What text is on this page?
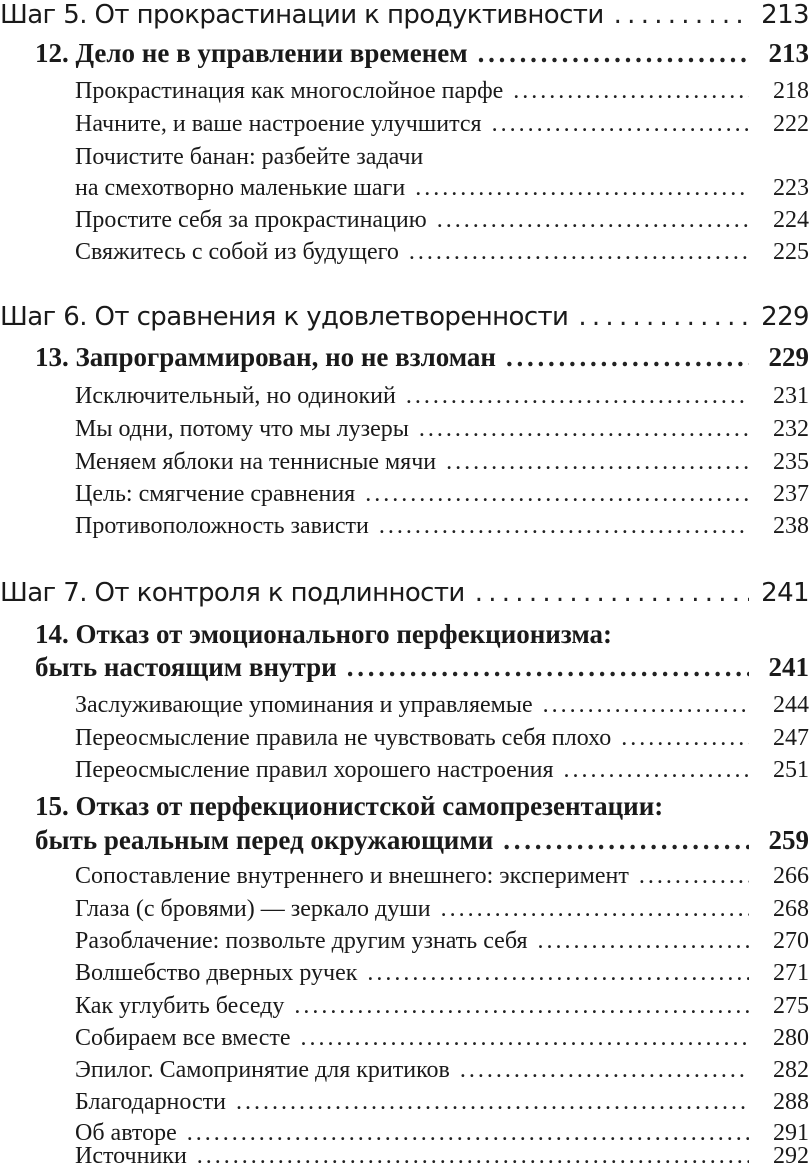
Шаг 5. От прокрастинации к продуктивности . . .	213
12. Дело не в управлении временем . . .	213
Прокрастинация как многослойное парфе . . .	218
Начните, и ваше настроение улучшится . . .	222
Почистите банан: разбейте задачи
на смехотворно маленькие шаги . . .	223
Простите себя за прокрастинацию . . .	224
Свяжитесь с собой из будущего . . .	225
Шаг 6. От сравнения к удовлетворенности . . .	229
13. Запрограммирован, но не взломан . . .	229
Исключительный, но одинокий . . .	231
Мы одни, потому что мы лузеры . . .	232
Меняем яблоки на теннисные мячи . . .	235
Цель: смягчение сравнения . . .	237
Противоположность зависти . . .	238
Шаг 7. От контроля к подлинности . . .	241
14. Отказ от эмоционального перфекционизма:
быть настоящим внутри . . .	241
Заслуживающие упоминания и управляемые . . .	244
Переосмысление правила не чувствовать себя плохо . . .	247
Переосмысление правил хорошего настроения . . .	251
15. Отказ от перфекционистской самопрезентации:
быть реальным перед окружающими . . .	259
Сопоставление внутреннего и внешнего: эксперимент . . .	266
Глаза (с бровями) — зеркало души . . .	268
Разоблачение: позвольте другим узнать себя . . .	270
Волшебство дверных ручек . . .	271
Как углубить беседу . . .	275
Собираем все вместе . . .	280
Эпилог. Самопринятие для критиков . . .	282
Благодарности . . .	288
Об авторе . . .	291
Источники . . .	292
